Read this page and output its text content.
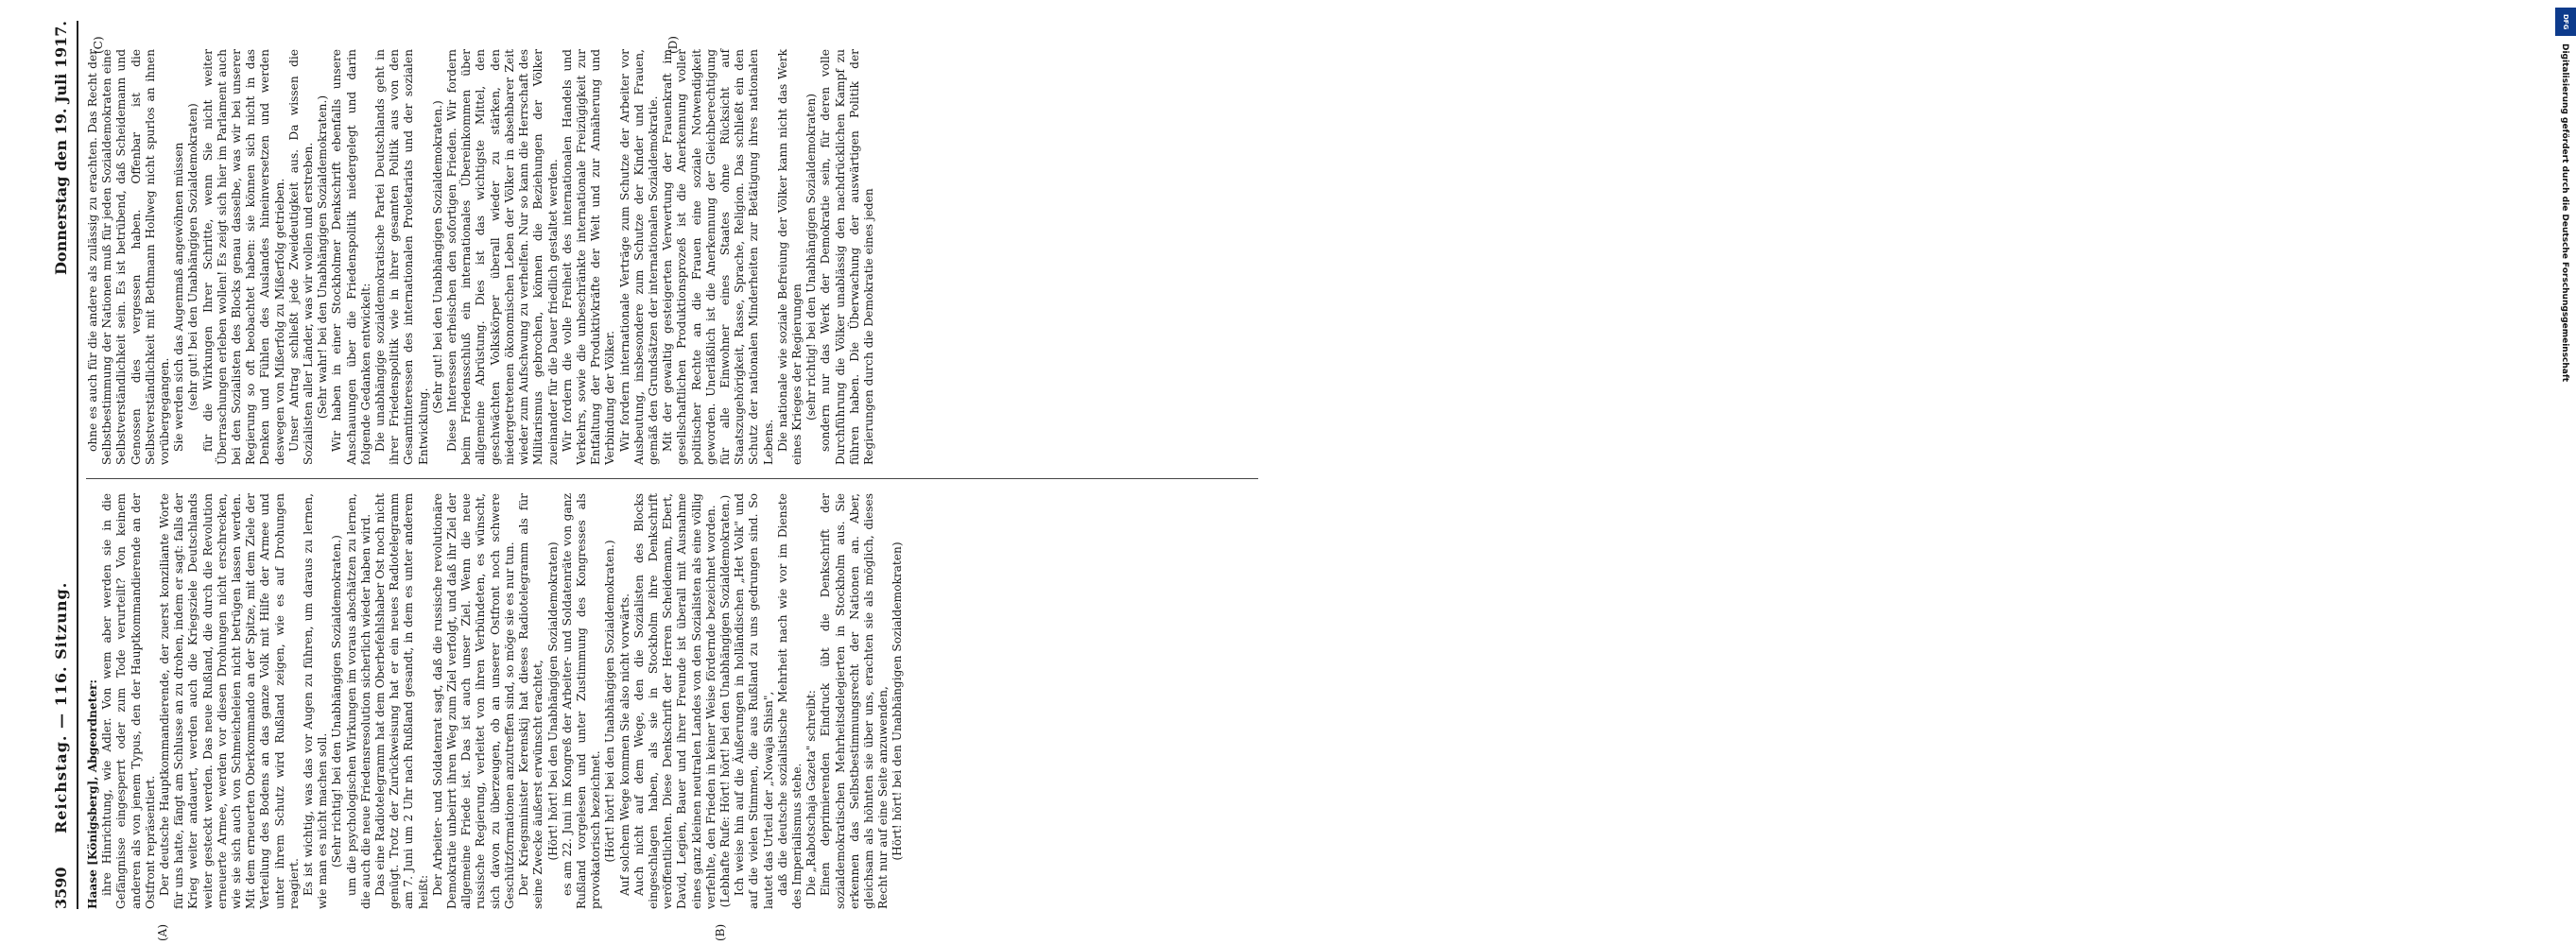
3590
Reichstag. — 116. Sitzung.
Donnerstag den 19. Juli 1917.
(A)	(B)
(C)	(D)

Haase [Königsberg], Abgeordneter: ihre Hinrichtung, wie Adler. Von wem aber werden sie in die Gefängnisse eingesperrt oder zum Tode verurteilt? Von keinem anderen als von jenem Typus, den der Hauptkommandierende an der Ostfront repräsentiert. Der deutsche Hauptkommandierende, der zuerst konziliante Worte für uns hatte, fängt am Schlusse an zu drohen, indem er sagt: falls der Krieg weiter andauert, werden auch die Kriegsziele Deutschlands weiter gesteckt werden. Das neue Rußland, die durch die Revolution erneuerte Armee, werden vor diesen Drohungen nicht erschrecken, wie sie sich auch von Schmeicheleien nicht betrügen lassen werden. Mit dem erneuerten Oberkommando an der Spitze, mit dem Ziele der Verteilung des Bodens an das ganze Volk mit Hilfe der Armee und unter ihrem Schutz wird Rußland zeigen, wie es auf Drohungen reagiert. Es ist wichtig, was das vor Augen zu führen, um daraus zu lernen, wie man es nicht machen soll. (Sehr richtig! bei den Unabhängigen Sozialdemokraten.) um die psychologischen Wirkungen im voraus abschätzen zu lernen, die auch die neue Friedensresolution sicherlich wieder haben wird. Das eine Radiotelegramm hat dem Oberbefehlshaber Ost noch nicht genügt. Trotz der Zurückweisung hat er ein neues Radiotelegramm am 7. Juni um 2 Uhr nach Rußland gesandt, in dem es unter anderem heißt: Der Arbeiter- und Soldatenrat sagt, daß die russische revolutionäre Demokratie unbeirrt ihren Weg zum Ziel verfolgt, und daß ihr Ziel der allgemeine Friede ist. Das ist auch unser Ziel. Wenn die neue russische Regierung, verleitet von ihren Verbündeten, es wünscht, sich davon zu überzeugen, ob an unserer Ostfront noch schwere Geschützformationen anzutreffen sind, so möge sie es nur tun. Der Kriegsminister Kerenskij hat dieses Radiotelegramm als für seine Zwecke äußerst erwünscht erachtet, (Hört! hört! bei den Unabhängigen Sozialdemokraten) es am 22. Juni im Kongreß der Arbeiter- und Soldatenräte von ganz Rußland vorgelesen und unter Zustimmung des Kongresses als provokatorisch bezeichnet. (Hört! hört! bei den Unabhängigen Sozialdemokraten.) Auf solchem Wege kommen Sie also nicht vorwärts. Auch nicht auf dem Wege, den die Sozialisten des Blocks eingeschlagen haben, als sie in Stockholm ihre Denkschrift veröffentlichten. Diese Denkschrift der Herren Scheidemann, Ebert, David, Legien, Bauer und ihrer Freunde ist überall mit Ausnahme eines ganz kleinen neutralen Landes von den Sozialisten als eine völlig verfehlte, den Frieden in keiner Weise fördernde bezeichnet worden. (Lebhafte Rufe: Hört! hört! bei den Unabhängigen Sozialdemokraten.) Ich weise hin auf die Äußerungen in holländischen „Het Volk" und auf die vielen Stimmen, die aus Rußland zu uns gedrungen sind. So lautet das Urteil der „Nowaja Shisn", daß die deutsche sozialistische Mehrheit nach wie vor im Dienste des Imperialismus stehe. Die „Rabotschaja Gazeta" schreibt: Einen deprimierenden Eindruck übt die Denkschrift der sozialdemokratischen Mehrheitsdelegierten in Stockholm aus. Sie erkennen das Selbstbestimmungsrecht der Nationen an. Aber, gleichsam als höhnten sie über uns, erachten sie als möglich, dieses Recht nur auf eine Seite anzuwenden, (Hört! hört! bei den Unabhängigen Sozialdemokraten)

ohne es auch für die andere als zulässig zu erachten. Das Recht der Selbstbestimmung der Nationen muß für jeden Sozialdemokraten eine Selbstverständlichkeit sein. Es ist betrübend, daß Scheidemann und Genossen dies vergessen haben. Offenbar ist die Selbstverständlichkeit mit Bethmann Hollweg nicht spurlos an ihnen vorübergegangen. Sie werden sich das Augenmaß angewöhnen müssen (sehr gut! bei den Unabhängigen Sozialdemokraten) für die Wirkungen Ihrer Schritte, wenn Sie nicht weiter Überraschungen erleben wollen! Es zeigt sich hier im Parlament auch bei den Sozialisten des Blocks genau dasselbe, was wir bei unserer Regierung so oft beobachtet haben: sie können sich nicht in das Denken und Fühlen des Auslandes hineinversetzen und werden deswegen von Mißerfolg zu Mißerfolg getrieben. Unser Antrag schließt jede Zweideutigkeit aus. Da wissen die Sozialisten aller Länder, was wir wollen und erstreben. (Sehr wahr! bei den Unabhängigen Sozialdemokraten.) Wir haben in einer Stockholmer Denkschrift ebenfalls unsere Anschauungen über die Friedenspolitik niedergelegt und darin folgende Gedanken entwickelt: Die unabhängige sozialdemokratische Partei Deutschlands geht in ihrer Friedenspolitik wie in ihrer gesamten Politik aus von den Gesamtinteressen des internationalen Proletariats und der sozialen Entwicklung.

(Sehr gut! bei den Unabhängigen Sozialdemokraten.) Diese Interessen erheischen den sofortigen Frieden. Wir fordern beim Friedensschluß ein internationales Übereinkommen über allgemeine Abrüstung. Dies ist das wichtigste Mittel, den geschwächten Volkskörper überall wieder zu stärken, den niedergetretenen ökonomischen Leben der Völker in absehbarer Zeit wieder zum Aufschwung zu verhelfen. Nur so kann die Herrschaft des Militarismus gebrochen, können die Beziehungen der Völker zueinander für die Dauer friedlich gestaltet werden. Wir fordern die volle Freiheit des internationalen Handels und Verkehrs, sowie die unbeschränkte internationale Freizügigkeit zur Entfaltung der Produktivkräfte der Welt und zur Annäherung und Verbindung der Völker. Wir fordern internationale Verträge zum Schutze der Arbeiter vor Ausbeutung, insbesondere zum Schutze der Kinder und Frauen, gemäß den Grundsätzen der internationalen Sozialdemokratie. Mit der gewaltig gesteigerten Verwertung der Frauenkraft im gesellschaftlichen Produktionsprozeß ist die Anerkennung voller politischer Rechte an die Frauen eine soziale Notwendigkeit geworden. Unerläßlich ist die Anerkennung der Gleichberechtigung für alle Einwohner eines Staates ohne Rücksicht auf Staatszugehörigkeit, Rasse, Sprache, Religion. Das schließt ein den Schutz der nationalen Minderheiten zur Betätigung ihres nationalen Lebens. Die nationale wie soziale Befreiung der Völker kann nicht das Werk eines Krieges der Regierungen (sehr richtig! bei den Unabhängigen Sozialdemokraten) sondern nur das Werk der Demokratie sein, für deren volle Durchführung die Völker unablässig den nachdrücklichen Kampf zu führen haben. Die Überwachung der auswärtigen Politik der Regierungen durch die Demokratie eines jeden

DFG
Digitalisierung gefördert durch die Deutsche Forschungsgemeinschaft
